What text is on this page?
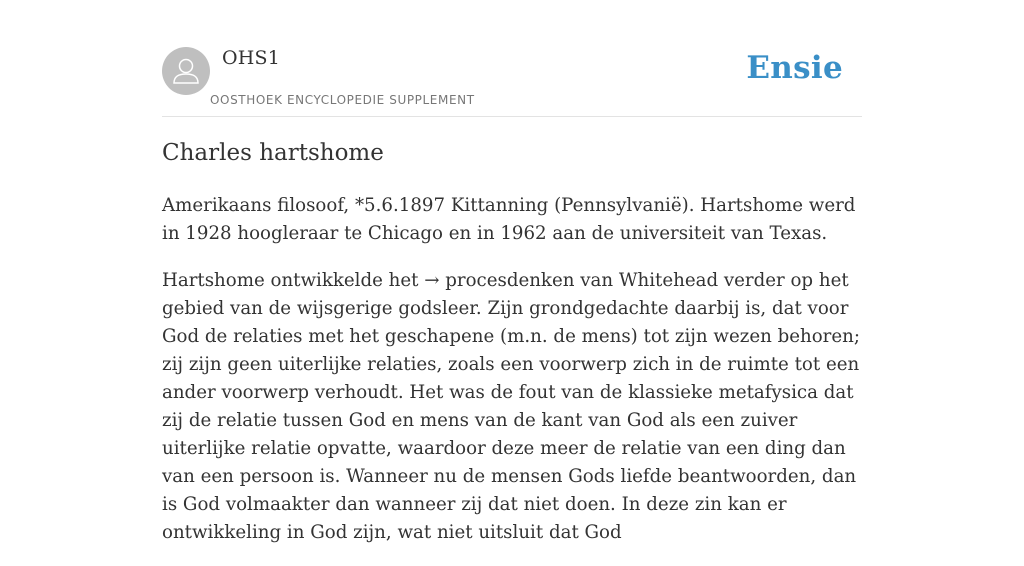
OHS1
OOSTHOEK ENCYCLOPEDIE SUPPLEMENT
Ensie
Charles hartshome

Amerikaans filosoof, *5.6.1897 Kittanning (Pennsylvanië). Hartshome werd in 1928 hoogleraar te Chicago en in 1962 aan de universiteit van Texas.

Hartshome ontwikkelde het → procesdenken van Whitehead verder op het gebied van de wijsgerige godsleer. Zijn grondgedachte daarbij is, dat voor God de relaties met het geschapene (m.n. de mens) tot zijn wezen behoren; zij zijn geen uiterlijke relaties, zoals een voorwerp zich in de ruimte tot een ander voorwerp verhoudt. Het was de fout van de klassieke metafysica dat zij de relatie tussen God en mens van de kant van God als een zuiver uiterlijke relatie opvatte, waardoor deze meer de relatie van een ding dan van een persoon is. Wanneer nu de mensen Gods liefde beantwoorden, dan is God volmaakter dan wanneer zij dat niet doen. In deze zin kan er ontwikkeling in God zijn, wat niet uitsluit dat God
